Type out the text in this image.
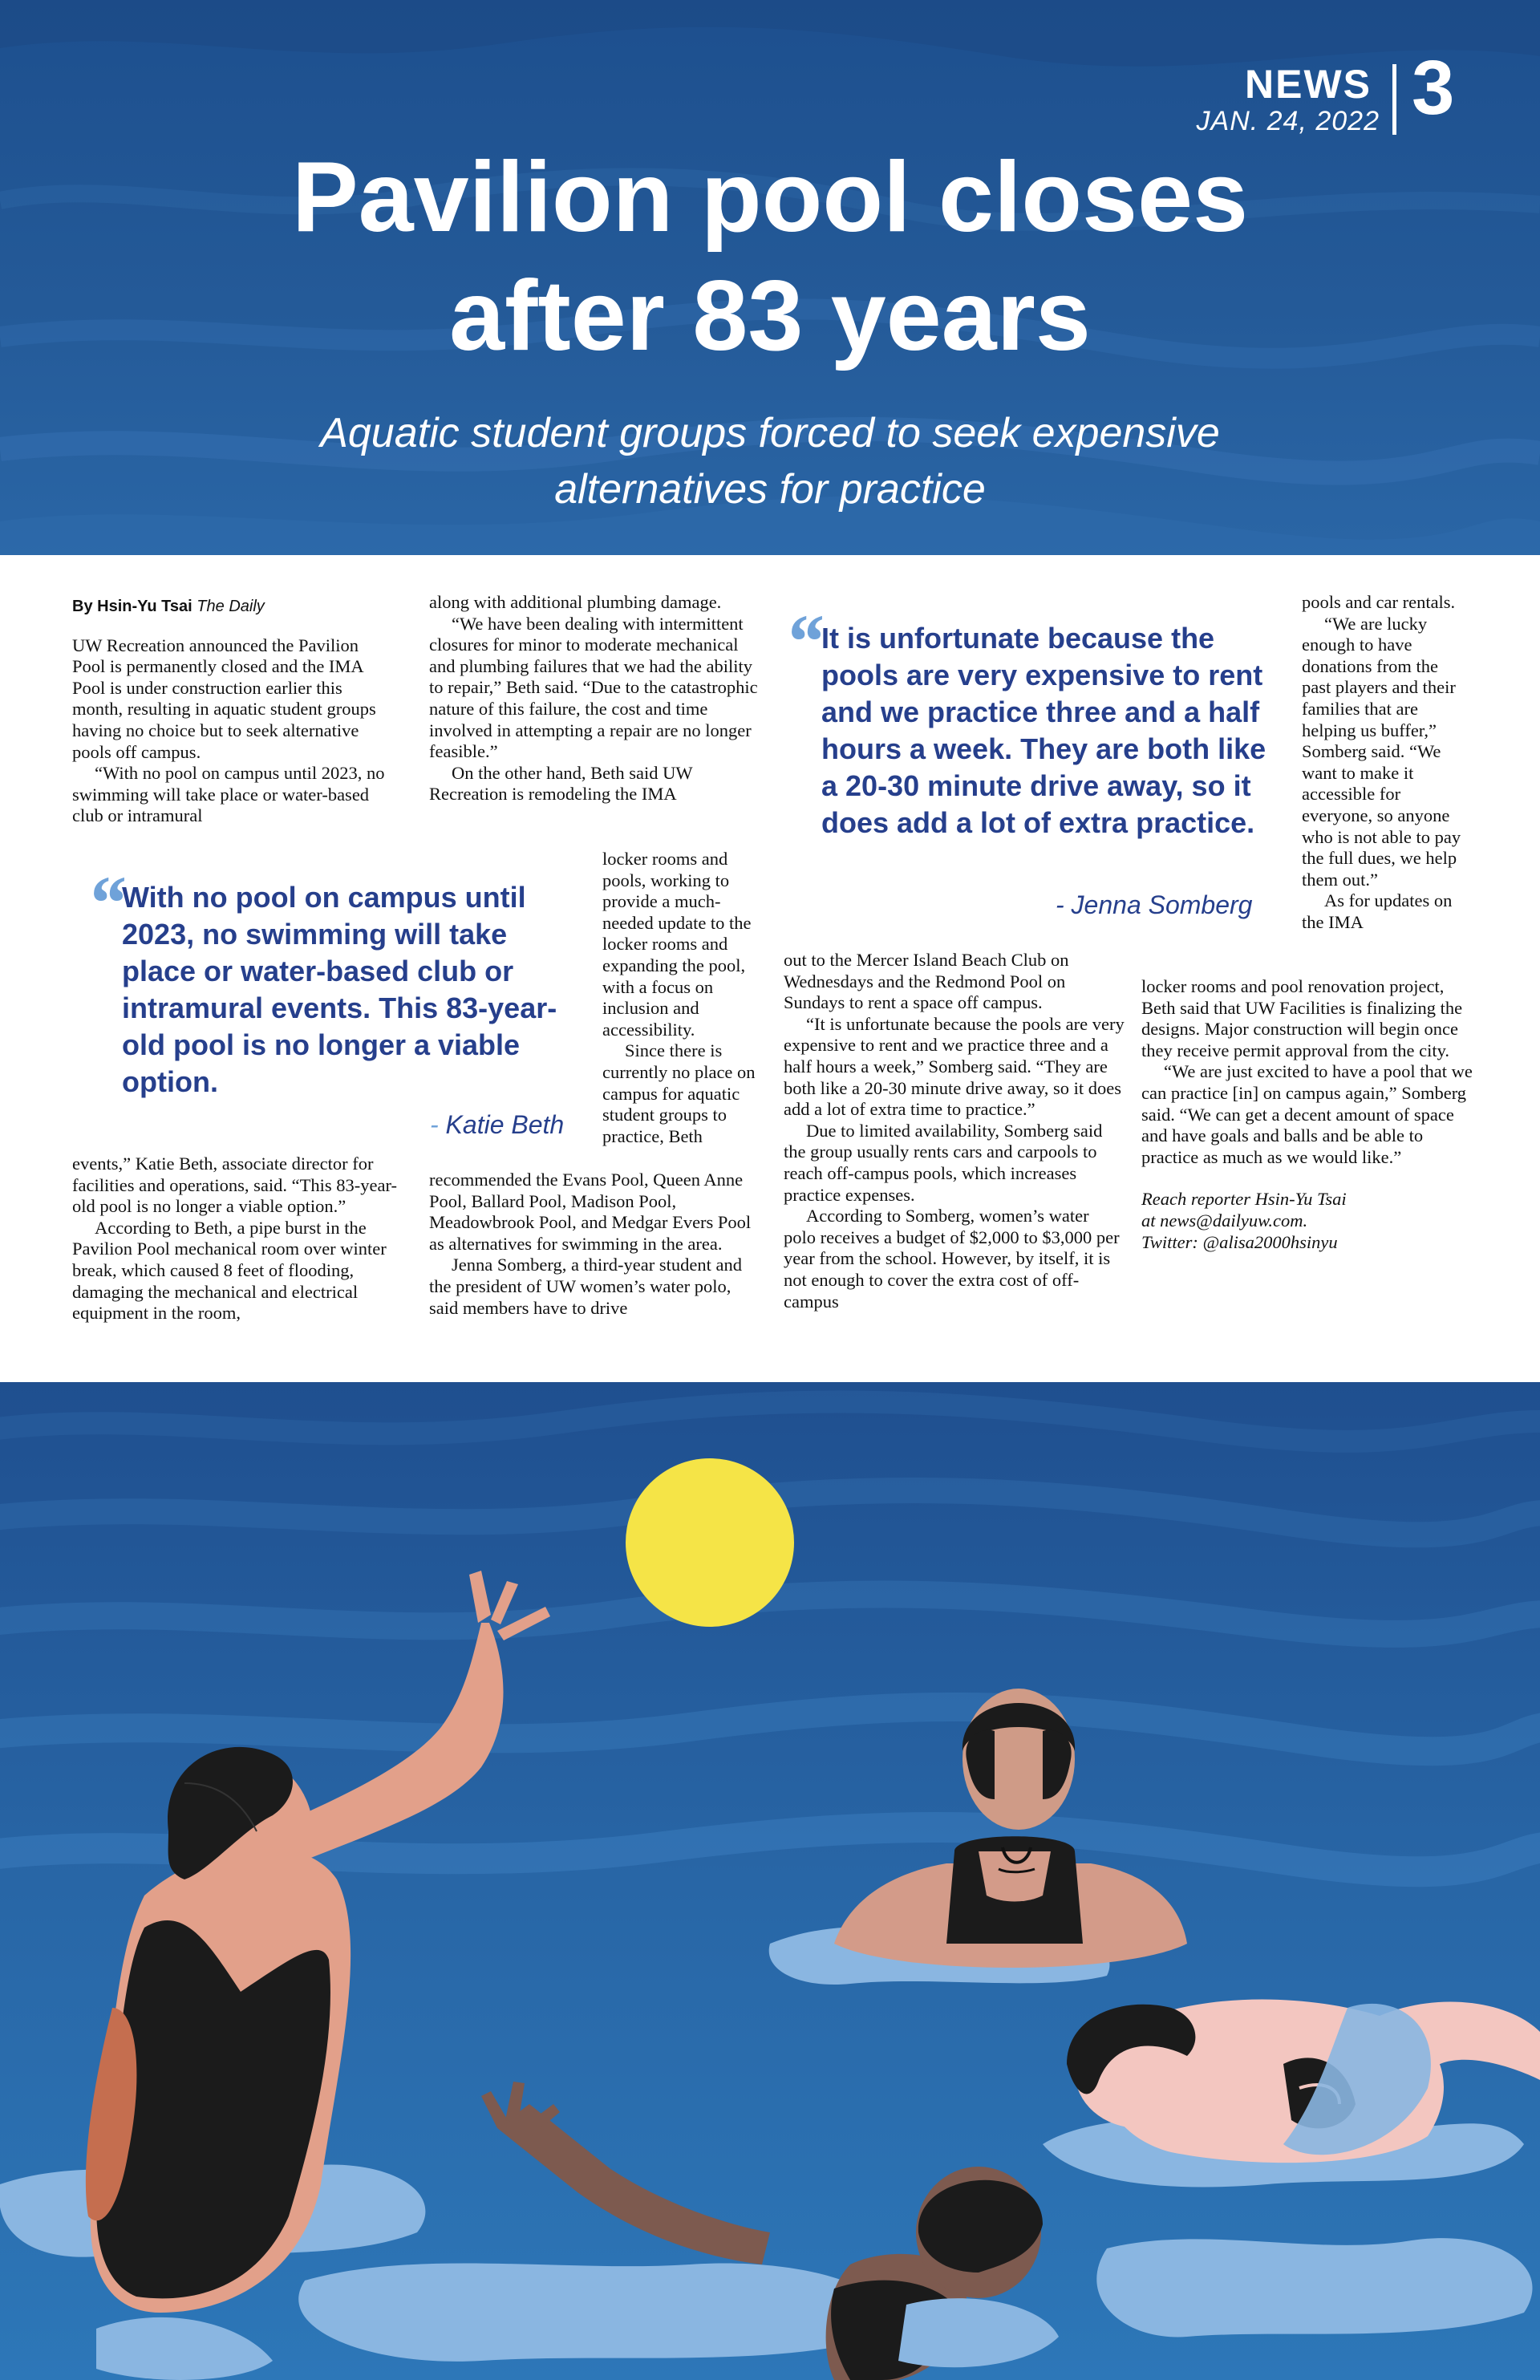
NEWS
JAN. 24, 2022 3
Pavilion pool closes
after 83 years
Aquatic student groups forced to seek expensive alternatives for practice

By Hsin-Yu Tsai The Daily

UW Recreation announced the Pavilion Pool is permanently closed and the IMA Pool is under construction earlier this month, resulting in aquatic student groups having no choice but to seek alternative pools off campus.

“With no pool on campus until 2023, no swimming will take place or water-based club or intramural

events,” Katie Beth, associate director for facilities and operations, said. “This 83-year-old pool is no longer a viable option.”

According to Beth, a pipe burst in the Pavilion Pool mechanical room over winter break, which caused 8 feet of flooding, damaging the mechanical and electrical equipment in the room,

“
With no pool on campus until 2023, no swimming will take place or water-based club or intramural events. This 83-year-old pool is no longer a viable option.
- Katie Beth

along with additional plumbing damage.

“We have been dealing with intermittent closures for minor to moderate mechanical and plumbing failures that we had the ability to repair,” Beth said. “Due to the catastrophic nature of this failure, the cost and time involved in attempting a repair are no longer feasible.”

On the other hand, Beth said UW Recreation is remodeling the IMA

locker rooms and pools, working to provide a much-needed update to the locker rooms and expanding the pool, with a focus on inclusion and accessibility.

Since there is currently no place on campus for aquatic student groups to practice, Beth

recommended the Evans Pool, Queen Anne Pool, Ballard Pool, Madison Pool, Meadowbrook Pool, and Medgar Evers Pool as alternatives for swimming in the area.

Jenna Somberg, a third-year student and the president of UW women’s water polo, said members have to drive

“
It is unfortunate because the pools are very expensive to rent and we practice three and a half hours a week. They are both like a 20-30 minute drive away, so it does add a lot of extra practice.
- Jenna Somberg

out to the Mercer Island Beach Club on Wednesdays and the Redmond Pool on Sundays to rent a space off campus.

“It is unfortunate because the pools are very expensive to rent and we practice three and a half hours a week,” Somberg said. “They are both like a 20-30 minute drive away, so it does add a lot of extra time to practice.”

Due to limited availability, Somberg said the group usually rents cars and carpools to reach off-campus pools, which increases practice expenses.

According to Somberg, women’s water polo receives a budget of $2,000 to $3,000 per year from the school. However, by itself, it is not enough to cover the extra cost of off-campus

pools and car rentals.

“We are lucky enough to have donations from the past players and their families that are helping us buffer,” Somberg said. “We want to make it accessible for everyone, so anyone who is not able to pay the full dues, we help them out.”

As for updates on the IMA

locker rooms and pool renovation project, Beth said that UW Facilities is finalizing the designs. Major construction will begin once they receive permit approval from the city.

“We are just excited to have a pool that we can practice [in] on campus again,” Somberg said. “We can get a decent amount of space and have goals and balls and be able to practice as much as we would like.”

Reach reporter Hsin-Yu Tsai
at news@dailyuw.com.
Twitter: @alisa2000hsinyu
